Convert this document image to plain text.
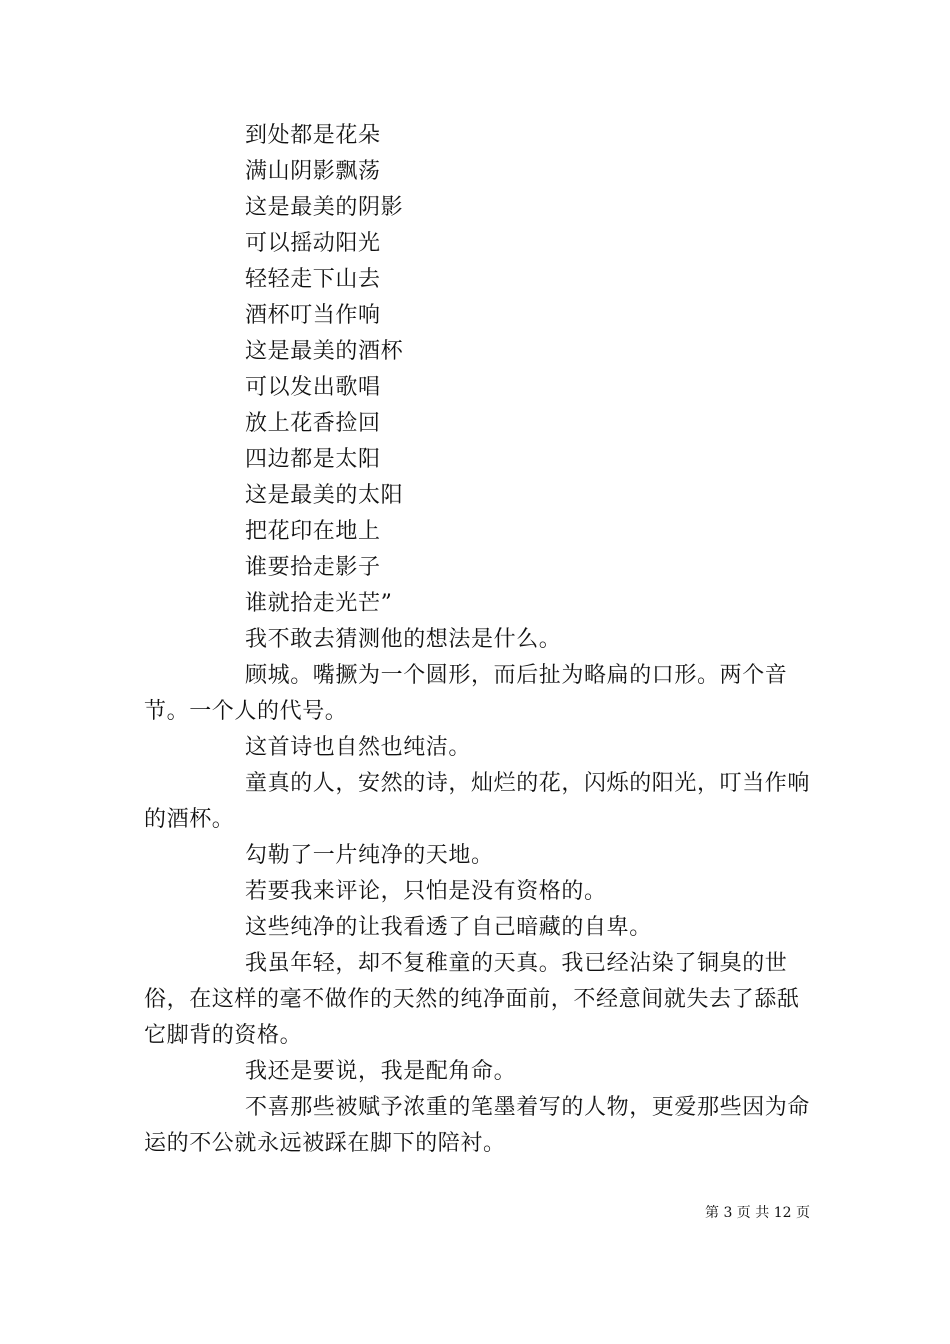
到处都是花朵

满山阴影飘荡

这是最美的阴影

可以摇动阳光

轻轻走下山去

酒杯叮当作响

这是最美的酒杯

可以发出歌唱

放上花香捡回

四边都是太阳

这是最美的太阳

把花印在地上

谁要拾走影子

谁就拾走光芒”

我不敢去猜测他的想法是什么。

顾城。嘴撅为一个圆形，而后扯为略扁的口形。两个音节。一个人的代号。

这首诗也自然也纯洁。

童真的人，安然的诗，灿烂的花，闪烁的阳光，叮当作响的酒杯。

勾勒了一片纯净的天地。

若要我来评论，只怕是没有资格的。

这些纯净的让我看透了自己暗藏的自卑。

我虽年轻，却不复稚童的天真。我已经沾染了铜臭的世俗，在这样的毫不做作的天然的纯净面前，不经意间就失去了舔舐它脚背的资格。

我还是要说，我是配角命。

不喜那些被赋予浓重的笔墨着写的人物，更爱那些因为命运的不公就永远被踩在脚下的陪衬。

第 3 页 共 12 页
